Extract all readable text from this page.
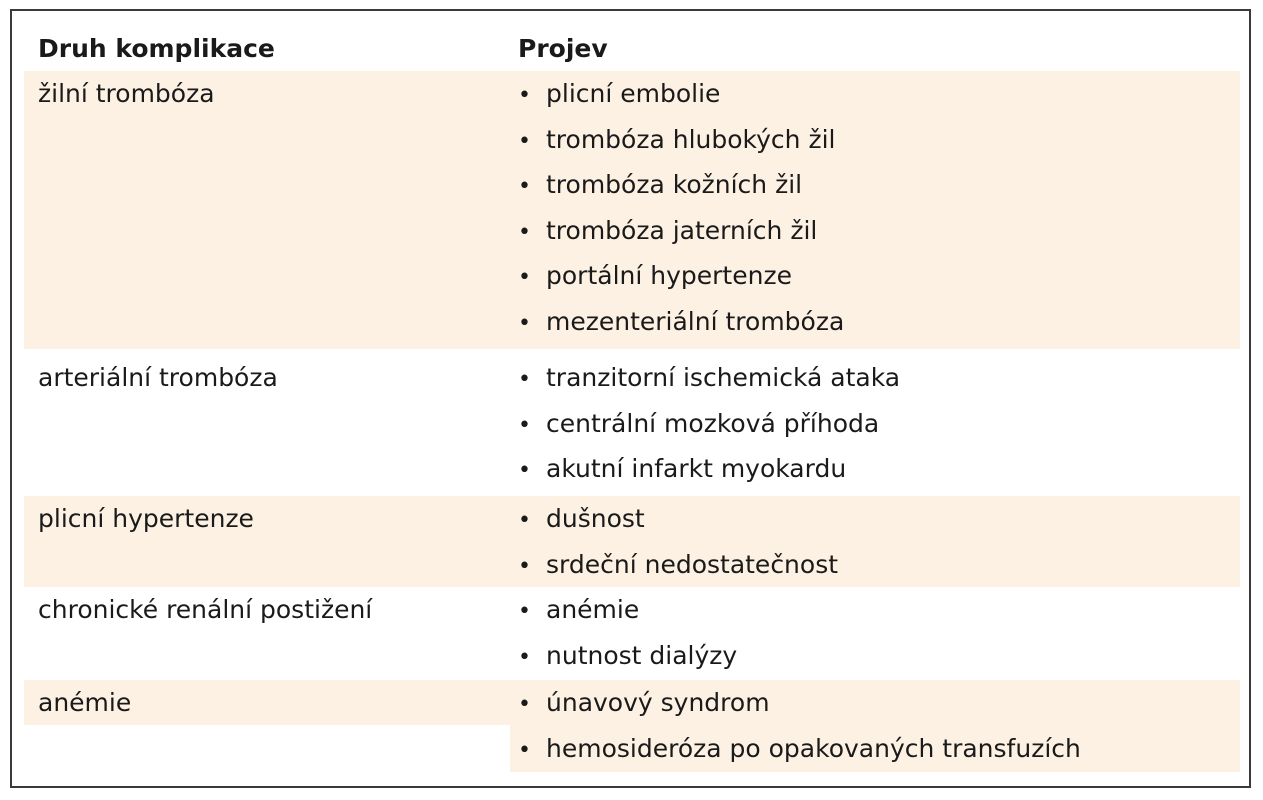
Druh komplikace	Projev
žilní trombóza	• plicní embolie
• trombóza hlubokých žil
• trombóza kožních žil
• trombóza jaterních žil
• portální hypertenze
• mezenteriální trombóza
arteriální trombóza	• tranzitorní ischemická ataka
• centrální mozková příhoda
• akutní infarkt myokardu
plicní hypertenze	• dušnost
• srdeční nedostatečnost
chronické renální postižení	• anémie
• nutnost dialýzy
anémie	• únavový syndrom
• hemosideróza po opakovaných transfuzích
